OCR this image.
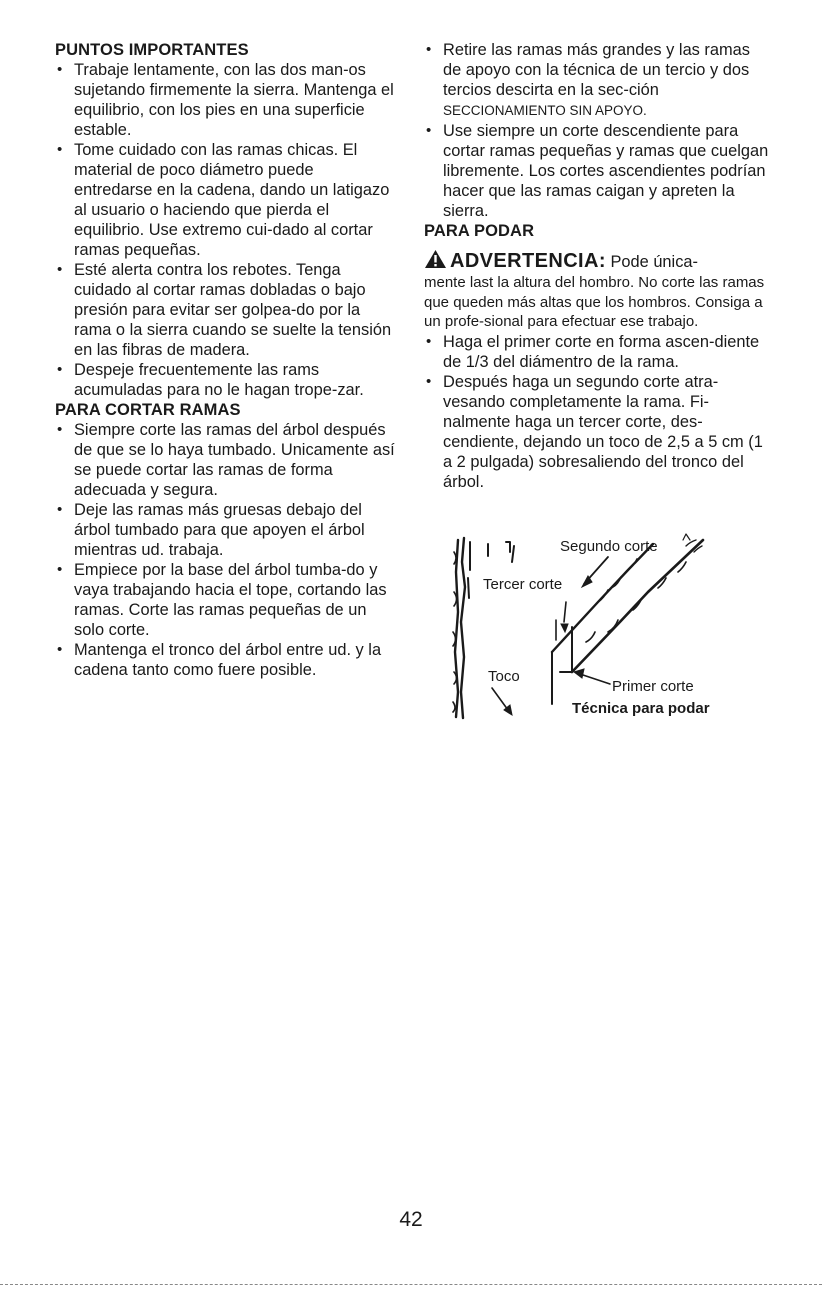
PUNTOS IMPORTANTES
• Trabaje lentamente, con las dos man-os sujetando firmemente la sierra. Mantenga el equilibrio, con los pies en una superficie estable.
• Tome cuidado con las ramas chicas. El material de poco diámetro puede entredarse en la cadena, dando un latigazo al usuario o haciendo que pierda el equilibrio. Use extremo cui-dado al cortar ramas pequeñas.
• Esté alerta contra los rebotes. Tenga cuidado al cortar ramas dobladas o bajo presión para evitar ser golpea-do por la rama o la sierra cuando se suelte la tensión en las fibras de madera.
• Despeje frecuentemente las rams acumuladas para no le hagan trope-zar.
PARA CORTAR RAMAS
• Siempre corte las ramas del árbol después de que se lo haya tumbado. Unicamente así se puede cortar las ramas de forma adecuada y segura.
• Deje las ramas más gruesas debajo del árbol tumbado para que apoyen el árbol mientras ud. trabaja.
• Empiece por la base del árbol tumba-do y vaya trabajando hacia el tope, cortando las ramas. Corte las ramas pequeñas de un solo corte.
• Mantenga el tronco del árbol entre ud. y la cadena tanto como fuere posible.
• Retire las ramas más grandes y las ramas de apoyo con la técnica de un tercio y dos tercios descirta en la sec-ción SECCIONAMIENTO SIN APOYO.
• Use siempre un corte descendiente para cortar ramas pequeñas y ramas que cuelgan libremente. Los cortes ascendientes podrían hacer que las ramas caigan y apreten la sierra.
PARA PODAR
ADVERTENCIA: Pode única-
mente last la altura del hombro. No corte las ramas que queden más altas que los hombros. Consiga a un profe-sional para efectuar ese trabajo.
• Haga el primer corte en forma ascen-diente de 1/3 del diámentro de la rama.
• Después haga un segundo corte atra-vesando completamente la rama. Fi-nalmente haga un tercer corte, des-cendiente, dejando un toco de 2,5 a 5 cm (1 a 2 pulgada) sobresaliendo del tronco del árbol.
Segundo corte
Tercer corte
Toco
Primer corte
Técnica para podar
42
